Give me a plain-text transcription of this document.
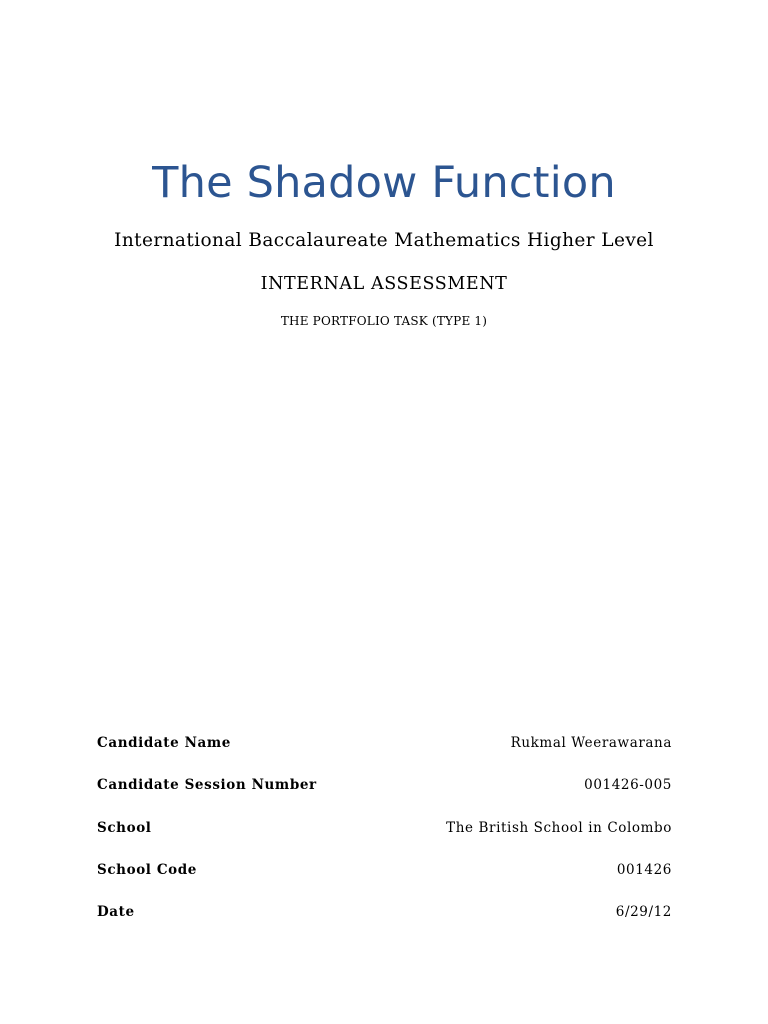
The Shadow Function
International Baccalaureate Mathematics Higher Level
INTERNAL ASSESSMENT
THE PORTFOLIO TASK (TYPE 1)
Candidate Name	Rukmal Weerawarana
Candidate Session Number	001426-005
School	The British School in Colombo
School Code	001426
Date	6/29/12
